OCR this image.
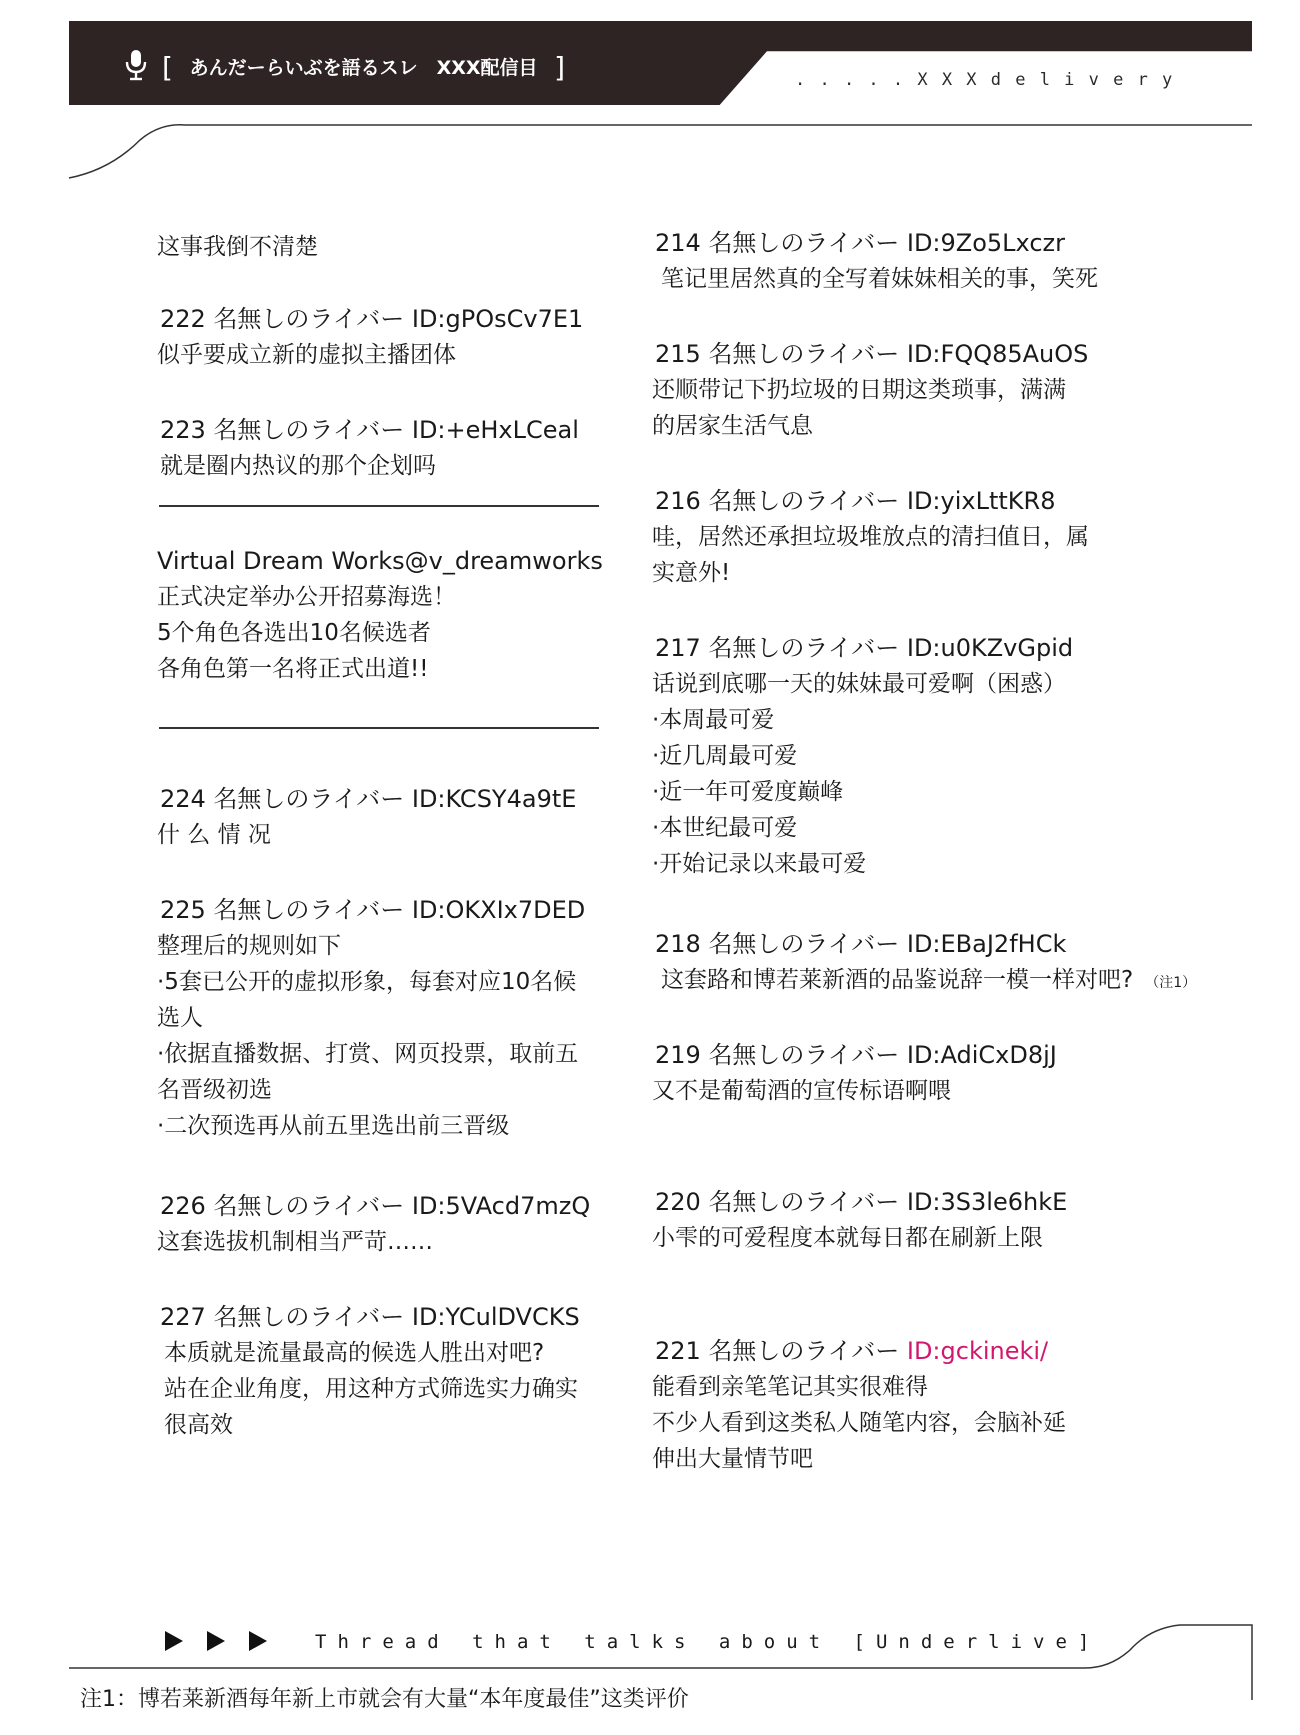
[ あんだーらいぶを語るスレ　XXX配信目 ]	. . . . . X X X d e l i v e r y
这事我倒不清楚
222 名無しのライバー ID:gPOsCv7E1
似乎要成立新的虚拟主播团体
223 名無しのライバー ID:+eHxLCeal
就是圈内热议的那个企划吗
Virtual Dream Works@v_dreamworks
正式决定举办公开招募海选！
5个角色各选出10名候选者
各角色第一名将正式出道!!
224 名無しのライバー ID:KCSY4a9tE
什 么 情 况
225 名無しのライバー ID:OKXIx7DED
整理后的规则如下
·5套已公开的虚拟形象，每套对应10名候
选人
·依据直播数据、打赏、网页投票，取前五
名晋级初选
·二次预选再从前五里选出前三晋级
226 名無しのライバー ID:5VAcd7mzQ
这套选拔机制相当严苛……
227 名無しのライバー ID:YCulDVCKS
本质就是流量最高的候选人胜出对吧?
站在企业角度，用这种方式筛选实力确实
很高效
214 名無しのライバー ID:9Zo5Lxczr
笔记里居然真的全写着妹妹相关的事，笑死
215 名無しのライバー ID:FQQ85AuOS
还顺带记下扔垃圾的日期这类琐事，满满
的居家生活气息
216 名無しのライバー ID:yixLttKR8
哇，居然还承担垃圾堆放点的清扫值日，属
实意外!
217 名無しのライバー ID:u0KZvGpid
话说到底哪一天的妹妹最可爱啊（困惑）
·本周最可爱
·近几周最可爱
·近一年可爱度巅峰
·本世纪最可爱
·开始记录以来最可爱
218 名無しのライバー ID:EBaJ2fHCk
这套路和博若莱新酒的品鉴说辞一模一样对吧? （注1）
219 名無しのライバー ID:AdiCxD8jJ
又不是葡萄酒的宣传标语啊喂
220 名無しのライバー ID:3S3le6hkE
小雫的可爱程度本就每日都在刷新上限
221 名無しのライバー ID:gckineki/
能看到亲笔笔记其实很难得
不少人看到这类私人随笔内容，会脑补延
伸出大量情节吧
Thread that talks about [Underlive]
注1：博若莱新酒每年新上市就会有大量“本年度最佳”这类评价
